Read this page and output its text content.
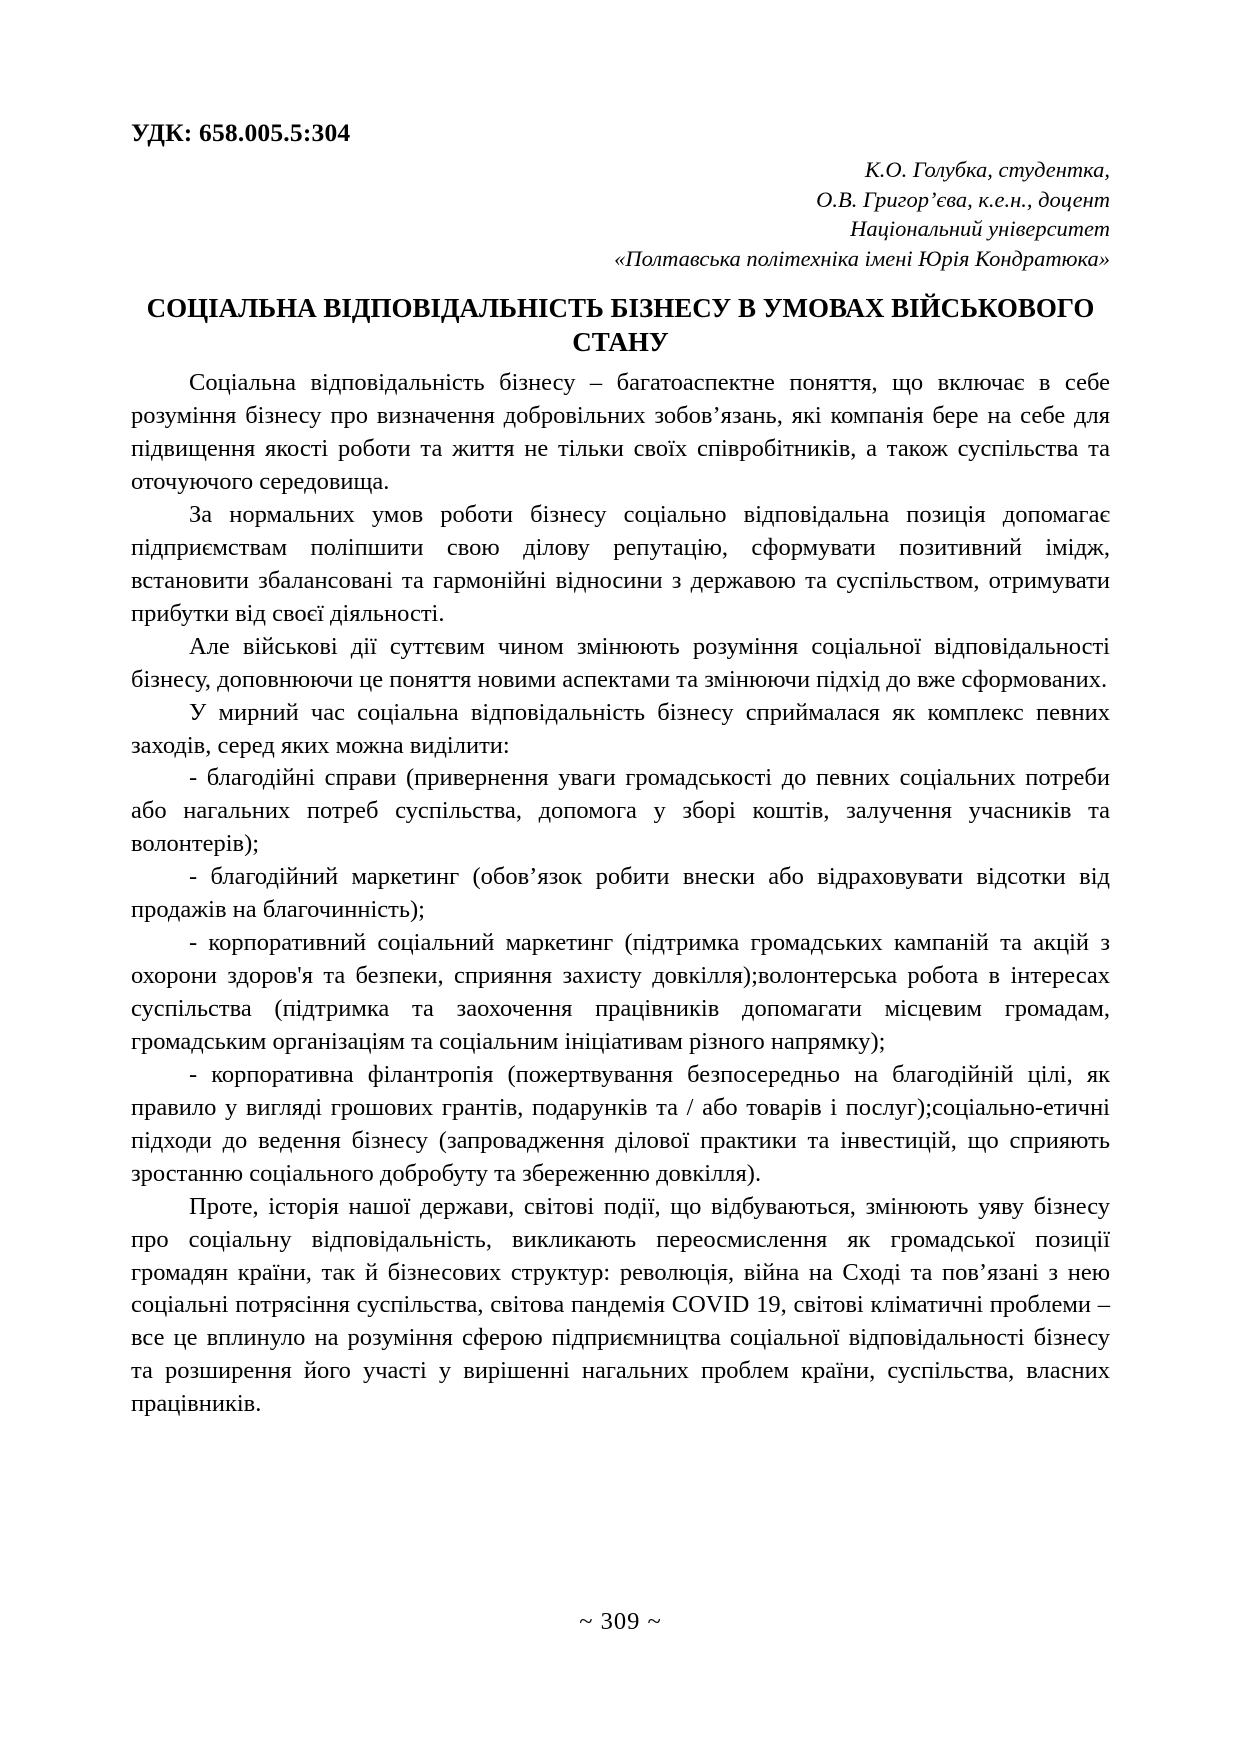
УДК: 658.005.5:304
К.О. Голубка, студентка,
О.В. Григор’єва, к.е.н., доцент
Національний університет
«Полтавська політехніка імені Юрія Кондратюка»
СОЦІАЛЬНА ВІДПОВІДАЛЬНІСТЬ БІЗНЕСУ В УМОВАХ ВІЙСЬКОВОГО СТАНУ

Соціальна відповідальність бізнесу – багатоаспектне поняття, що включає в себе розуміння бізнесу про визначення добровільних зобов’язань, які компанія бере на себе для підвищення якості роботи та життя не тільки своїх співробітників, а також суспільства та оточуючого середовища.

За нормальних умов роботи бізнесу соціально відповідальна позиція допомагає підприємствам поліпшити свою ділову репутацію, сформувати позитивний імідж, встановити збалансовані та гармонійні відносини з державою та суспільством, отримувати прибутки від своєї діяльності.

Але військові дії суттєвим чином змінюють розуміння соціальної відповідальності бізнесу, доповнюючи це поняття новими аспектами та змінюючи підхід до вже сформованих.

У мирний час соціальна відповідальність бізнесу сприймалася як комплекс певних заходів, серед яких можна виділити:

- благодійні справи (привернення уваги громадськості до певних соціальних потреби або нагальних потреб суспільства, допомога у зборі коштів, залучення учасників та волонтерів);

- благодійний маркетинг (обов’язок робити внески або відраховувати відсотки від продажів на благочинність);

- корпоративний соціальний маркетинг (підтримка громадських кампаній та акцій з охорони здоров'я та безпеки, сприяння захисту довкілля);волонтерська робота в інтересах суспільства (підтримка та заохочення працівників допомагати місцевим громадам, громадським організаціям та соціальним ініціативам різного напрямку);

- корпоративна філантропія (пожертвування безпосередньо на благодійній цілі, як правило у вигляді грошових грантів, подарунків та / або товарів і послуг);соціально-етичні підходи до ведення бізнесу (запровадження ділової практики та інвестицій, що сприяють зростанню соціального добробуту та збереженню довкілля).

Проте, історія нашої держави, світові події, що відбуваються, змінюють уяву бізнесу про соціальну відповідальність, викликають переосмислення як громадської позиції громадян країни, так й бізнесових структур: революція, війна на Сході та пов’язані з нею соціальні потрясіння суспільства, світова пандемія COVID 19, світові кліматичні проблеми – все це вплинуло на розуміння сферою підприємництва соціальної відповідальності бізнесу та розширення його участі у вирішенні нагальних проблем країни, суспільства, власних працівників.

~ 309 ~
